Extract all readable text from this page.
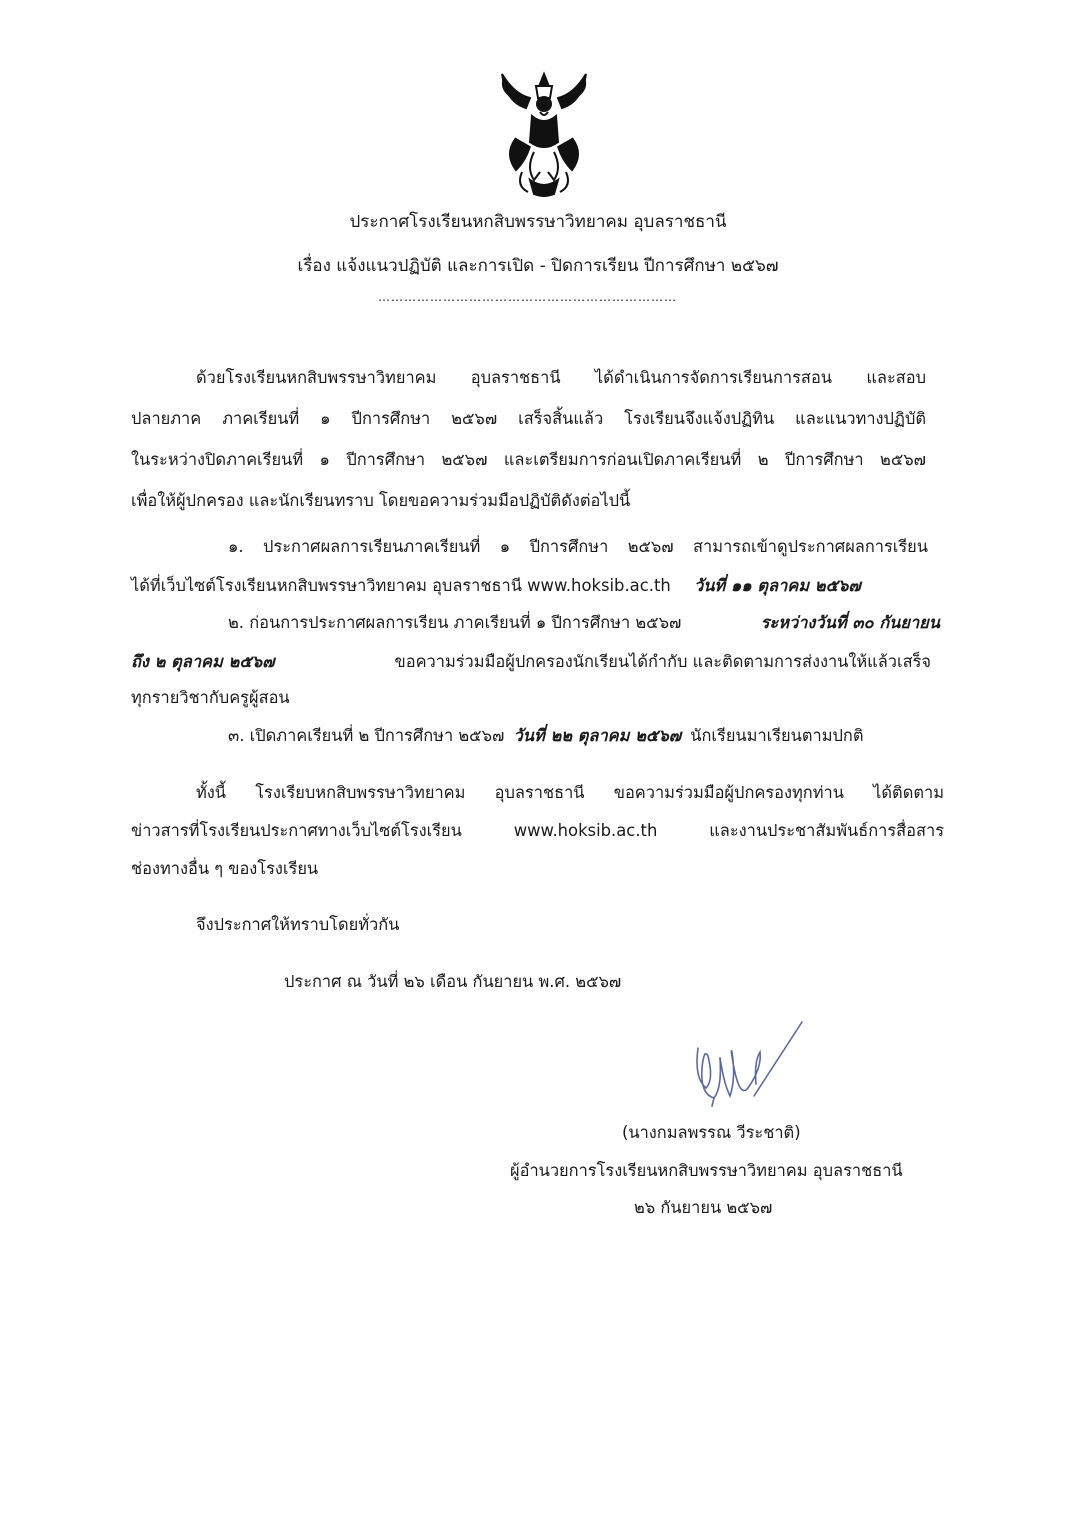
ประกาศโรงเรียนหกสิบพรรษาวิทยาคม อุบลราชธานี
เรื่อง แจ้งแนวปฏิบัติ และการเปิด - ปิดการเรียน ปีการศึกษา ๒๕๖๗
……………………………………………………………
ด้วยโรงเรียนหกสิบพรรษาวิทยาคม อุบลราชธานี ได้ดำเนินการจัดการเรียนการสอน และสอบ
ปลายภาค ภาคเรียนที่ ๑ ปีการศึกษา ๒๕๖๗ เสร็จสิ้นแล้ว โรงเรียนจึงแจ้งปฏิทิน และแนวทางปฏิบัติ
ในระหว่างปิดภาคเรียนที่ ๑ ปีการศึกษา ๒๕๖๗ และเตรียมการก่อนเปิดภาคเรียนที่ ๒ ปีการศึกษา ๒๕๖๗
เพื่อให้ผู้ปกครอง และนักเรียนทราบ โดยขอความร่วมมือปฏิบัติดังต่อไปนี้
๑. ประกาศผลการเรียนภาคเรียนที่ ๑ ปีการศึกษา ๒๕๖๗ สามารถเข้าดูประกาศผลการเรียน
ได้ที่เว็บไซต์โรงเรียนหกสิบพรรษาวิทยาคม อุบลราชธานี www.hoksib.ac.th วันที่ ๑๑ ตุลาคม ๒๕๖๗
๒. ก่อนการประกาศผลการเรียน ภาคเรียนที่ ๑ ปีการศึกษา ๒๕๖๗	ระหว่างวันที่ ๓๐ กันยายน
ถึง ๒ ตุลาคม ๒๕๖๗	ขอความร่วมมือผู้ปกครองนักเรียนได้กำกับ และติดตามการส่งงานให้แล้วเสร็จ
ทุกรายวิชากับครูผู้สอน
๓. เปิดภาคเรียนที่ ๒ ปีการศึกษา ๒๕๖๗ วันที่ ๒๒ ตุลาคม ๒๕๖๗ นักเรียนมาเรียนตามปกติ
ทั้งนี้ โรงเรียบหกสิบพรรษาวิทยาคม อุบลราชธานี ขอความร่วมมือผู้ปกครองทุกท่าน ได้ติดตาม
ข่าวสารที่โรงเรียนประกาศทางเว็บไซต์โรงเรียน www.hoksib.ac.th และงานประชาสัมพันธ์การสื่อสาร
ช่องทางอื่น ๆ ของโรงเรียน
จึงประกาศให้ทราบโดยทั่วกัน
ประกาศ ณ วันที่ ๒๖ เดือน กันยายน พ.ศ. ๒๕๖๗
(นางกมลพรรณ วีระชาติ)
ผู้อำนวยการโรงเรียนหกสิบพรรษาวิทยาคม อุบลราชธานี
๒๖ กันยายน ๒๕๖๗
